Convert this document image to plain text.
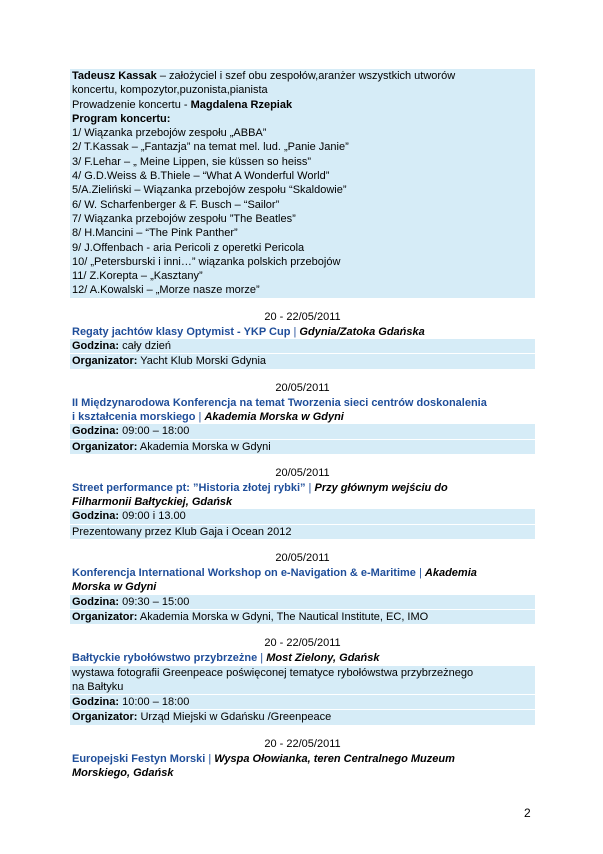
Tadeusz Kassak – założyciel i szef obu zespołów,aranżer wszystkich utworów
koncertu, kompozytor,puzonista,pianista
Prowadzenie koncertu - Magdalena Rzepiak
Program koncertu:
1/ Wiązanka przebojów zespołu „ABBA”
2/ T.Kassak – „Fantazja” na temat mel. lud. „Panie Janie”
3/ F.Lehar – „ Meine Lippen, sie küssen so heiss”
4/ G.D.Weiss & B.Thiele – “What A Wonderful World”
5/A.Zieliński – Wiązanka przebojów zespołu “Skaldowie”
6/ W. Scharfenberger & F. Busch – “Sailor”
7/ Wiązanka przebojów zespołu ”The Beatles”
8/ H.Mancini – “The Pink Panther”
9/ J.Offenbach - aria Pericoli z operetki Pericola
10/ „Petersburski i inni…” wiązanka polskich przebojów
11/ Z.Korepta – „Kasztany”
12/ A.Kowalski – „Morze nasze morze”
20 - 22/05/2011
Regaty jachtów klasy Optymist - YKP Cup | Gdynia/Zatoka Gdańska
Godzina: cały dzień
Organizator: Yacht Klub Morski Gdynia
20/05/2011
II Międzynarodowa Konferencja na temat Tworzenia sieci centrów doskonalenia
i kształcenia morskiego | Akademia Morska w Gdyni
Godzina: 09:00 – 18:00
Organizator: Akademia Morska w Gdyni
20/05/2011
Street performance pt: ”Historia złotej rybki” | Przy głównym wejściu do
Filharmonii Bałtyckiej, Gdańsk
Godzina: 09:00 i 13.00
Prezentowany przez Klub Gaja i Ocean 2012
20/05/2011
Konferencja International Workshop on e-Navigation & e-Maritime | Akademia
Morska w Gdyni
Godzina: 09:30 – 15:00
Organizator: Akademia Morska w Gdyni, The Nautical Institute, EC, IMO
20 - 22/05/2011
Bałtyckie rybołówstwo przybrzeżne | Most Zielony, Gdańsk
wystawa fotografii Greenpeace poświęconej tematyce rybołówstwa przybrzeżnego
na Bałtyku
Godzina: 10:00 – 18:00
Organizator: Urząd Miejski w Gdańsku /Greenpeace
20 - 22/05/2011
Europejski Festyn Morski | Wyspa Ołowianka, teren Centralnego Muzeum
Morskiego, Gdańsk
2
